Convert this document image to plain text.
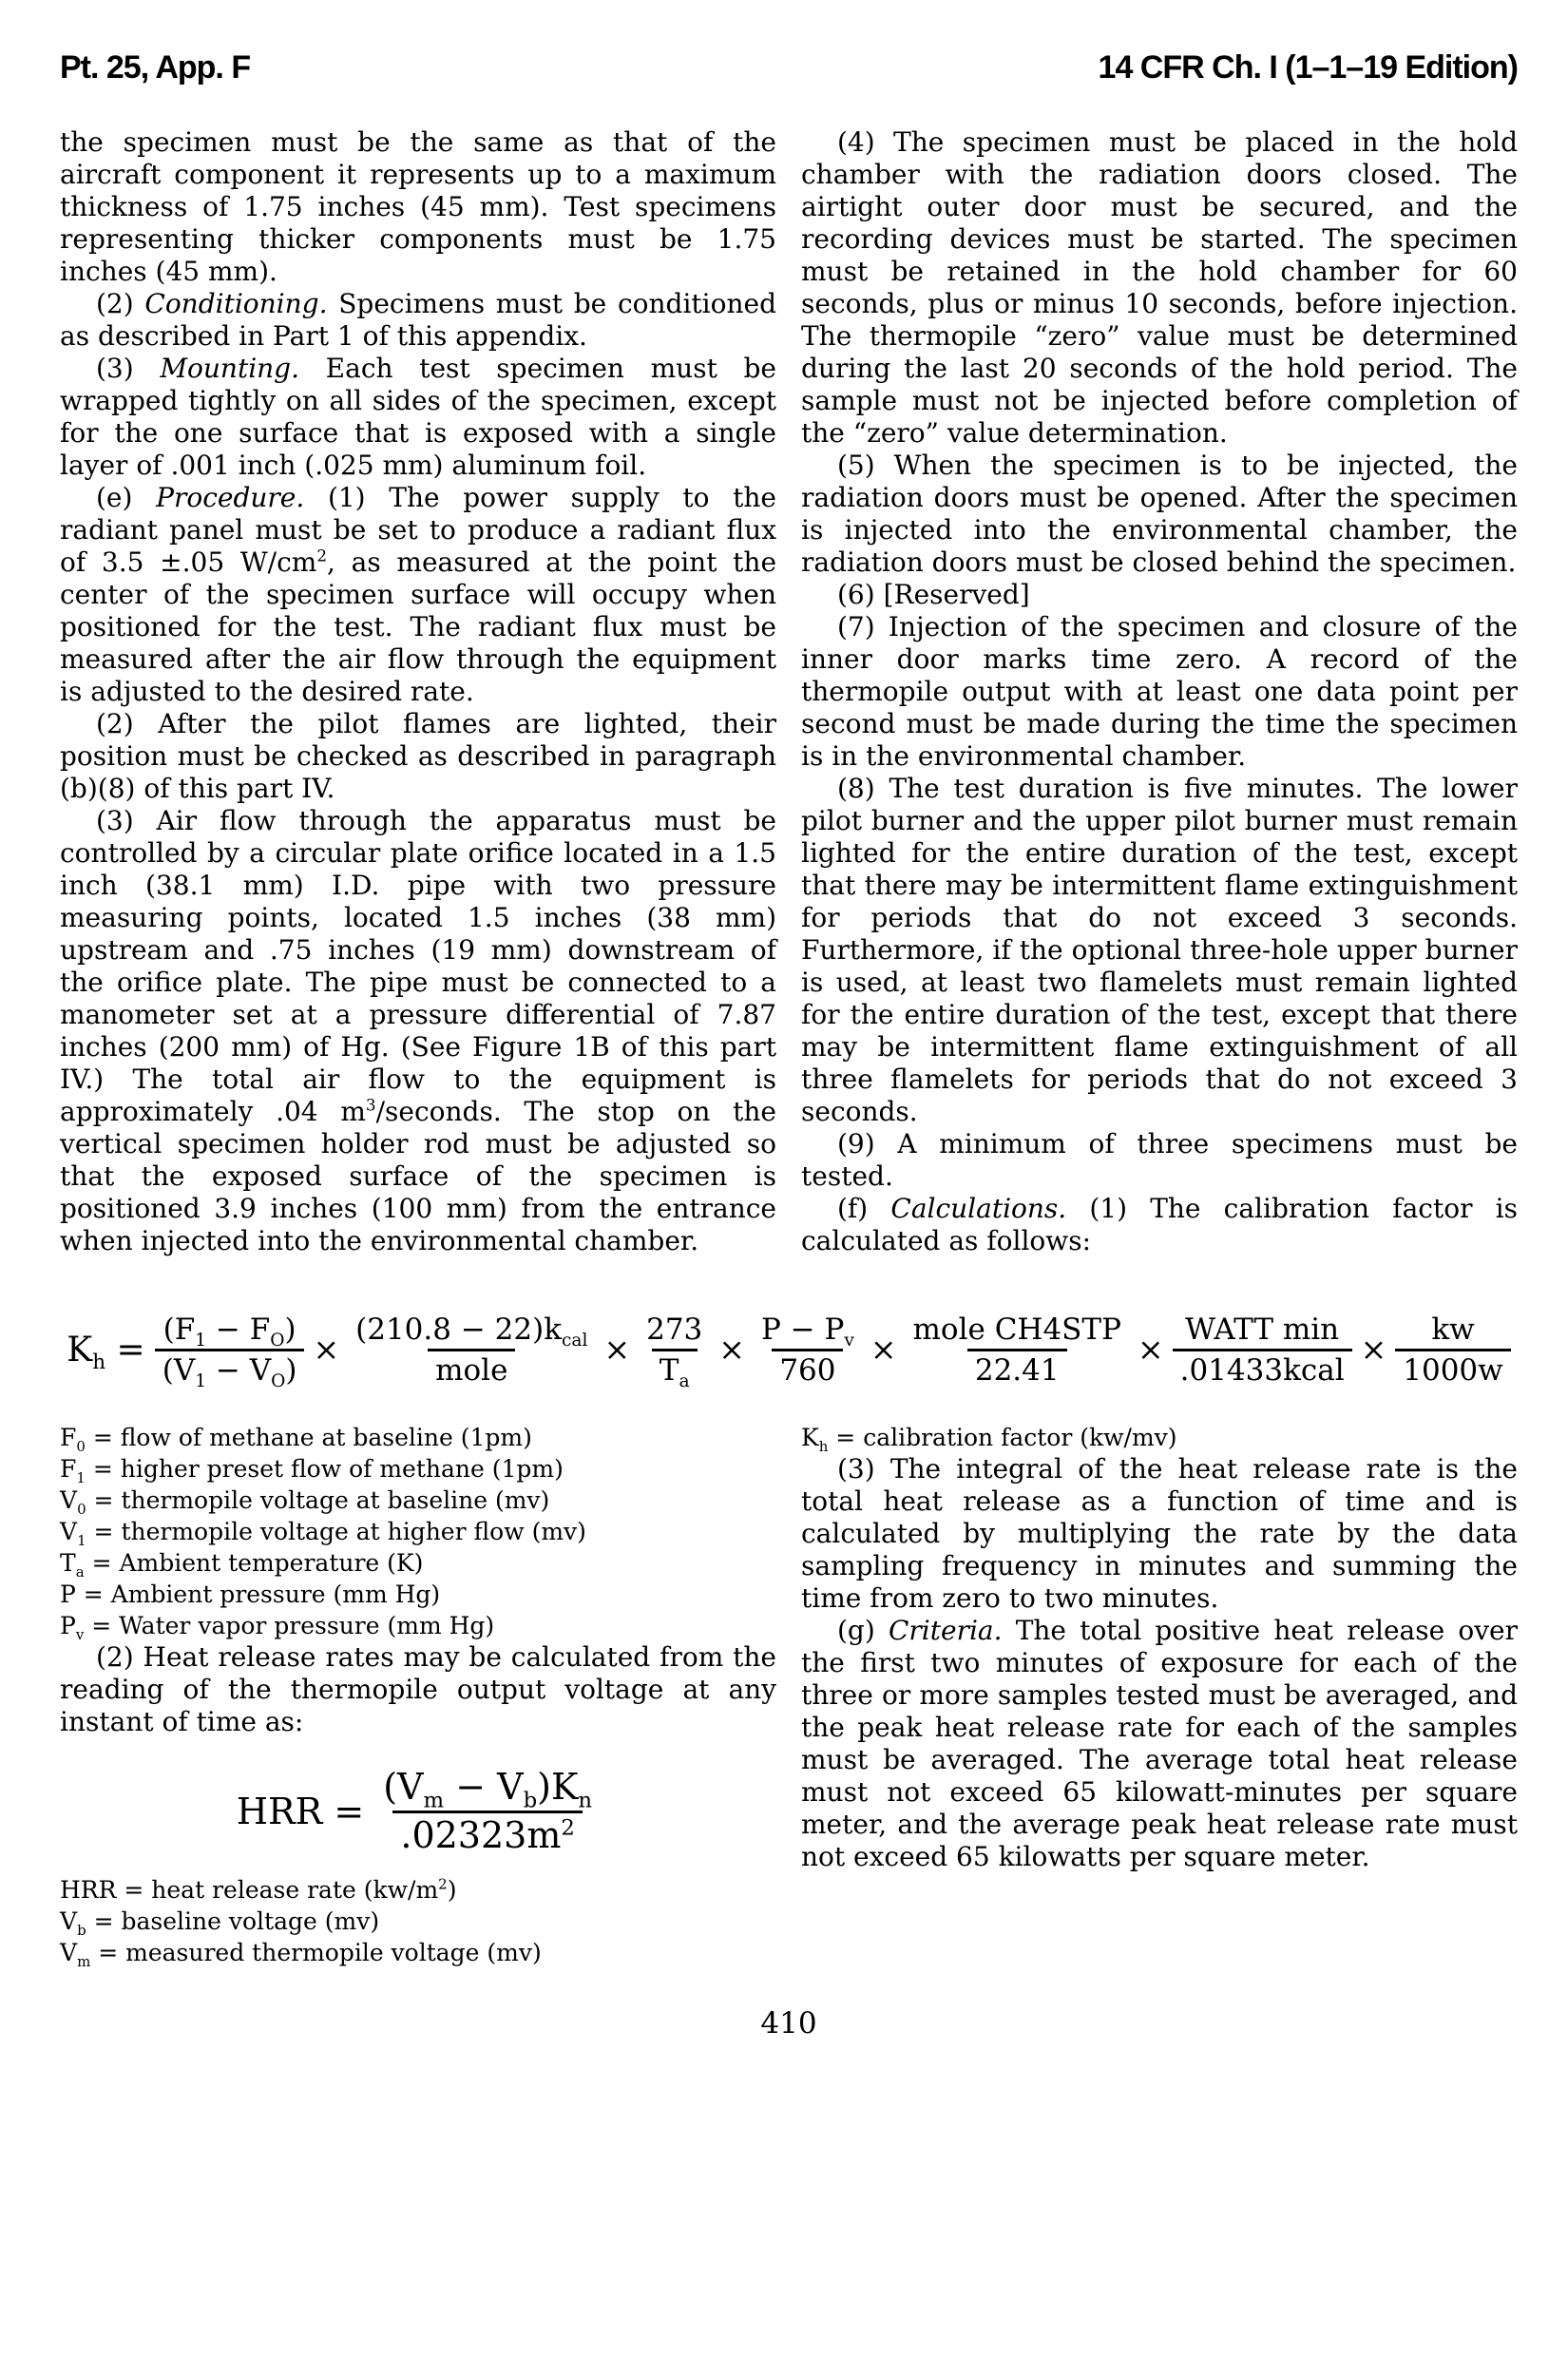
Pt. 25, App. F	14 CFR Ch. I (1–1–19 Edition)

the specimen must be the same as that of the aircraft component it represents up to a maximum thickness of 1.75 inches (45 mm). Test specimens representing thicker components must be 1.75 inches (45 mm).

(2) Conditioning. Specimens must be conditioned as described in Part 1 of this appendix.

(3) Mounting. Each test specimen must be wrapped tightly on all sides of the specimen, except for the one surface that is exposed with a single layer of .001 inch (.025 mm) aluminum foil.

(e) Procedure. (1) The power supply to the radiant panel must be set to produce a radiant flux of 3.5 ±.05 $W/cm^2$, as measured at the point the center of the specimen surface will occupy when positioned for the test. The radiant flux must be measured after the air flow through the equipment is adjusted to the desired rate.

(2) After the pilot flames are lighted, their position must be checked as described in paragraph (b)(8) of this part IV.

(3) Air flow through the apparatus must be controlled by a circular plate orifice located in a 1.5 inch (38.1 mm) I.D. pipe with two pressure measuring points, located 1.5 inches (38 mm) upstream and .75 inches (19 mm) downstream of the orifice plate. The pipe must be connected to a manometer set at a pressure differential of 7.87 inches (200 mm) of Hg. (See Figure 1B of this part IV.) The total air flow to the equipment is approximately .04 $m^3$/seconds. The stop on the vertical specimen holder rod must be adjusted so that the exposed surface of the specimen is positioned 3.9 inches (100 mm) from the entrance when injected into the environmental chamber.

(4) The specimen must be placed in the hold chamber with the radiation doors closed. The airtight outer door must be secured, and the recording devices must be started. The specimen must be retained in the hold chamber for 60 seconds, plus or minus 10 seconds, before injection. The thermopile “zero” value must be determined during the last 20 seconds of the hold period. The sample must not be injected before completion of the “zero” value determination.

(5) When the specimen is to be injected, the radiation doors must be opened. After the specimen is injected into the environmental chamber, the radiation doors must be closed behind the specimen.

(6) [Reserved]

(7) Injection of the specimen and closure of the inner door marks time zero. A record of the thermopile output with at least one data point per second must be made during the time the specimen is in the environmental chamber.

(8) The test duration is five minutes. The lower pilot burner and the upper pilot burner must remain lighted for the entire duration of the test, except that there may be intermittent flame extinguishment for periods that do not exceed 3 seconds. Furthermore, if the optional three-hole upper burner is used, at least two flamelets must remain lighted for the entire duration of the test, except that there may be intermittent flame extinguishment of all three flamelets for periods that do not exceed 3 seconds.

(9) A minimum of three specimens must be tested.

(f) Calculations. (1) The calibration factor is calculated as follows:

$K_h = \frac{(F_1 - F_O)}{(V_1 - V_O)} \times \frac{(210.8 - 22)k_{cal}}{\text{mole}} \times \frac{273}{T_a} \times \frac{P - P_v}{760} \times \frac{\text{mole CH4STP}}{22.41} \times \frac{\text{WATT min}}{\text{.01433kcal}} \times \frac{kw}{1000w}$

$F_0$ = flow of methane at baseline (1pm)

$F_1$ = higher preset flow of methane (1pm)

$V_0$ = thermopile voltage at baseline (mv)

$V_1$ = thermopile voltage at higher flow (mv)

$T_a$ = Ambient temperature (K)

P = Ambient pressure (mm Hg)

$P_v$ = Water vapor pressure (mm Hg)

(2) Heat release rates may be calculated from the reading of the thermopile output voltage at any instant of time as:

HRR = $\frac{(V_m - V_b)K_n}{.02323m^2}$

HRR = heat release rate $(kw/m^2)$

$V_b$ = baseline voltage (mv)

$V_m$ = measured thermopile voltage (mv)

$K_h$ = calibration factor (kw/mv)

(3) The integral of the heat release rate is the total heat release as a function of time and is calculated by multiplying the rate by the data sampling frequency in minutes and summing the time from zero to two minutes.

(g) Criteria. The total positive heat release over the first two minutes of exposure for each of the three or more samples tested must be averaged, and the peak heat release rate for each of the samples must be averaged. The average total heat release must not exceed 65 kilowatt-minutes per square meter, and the average peak heat release rate must not exceed 65 kilowatts per square meter.

410
